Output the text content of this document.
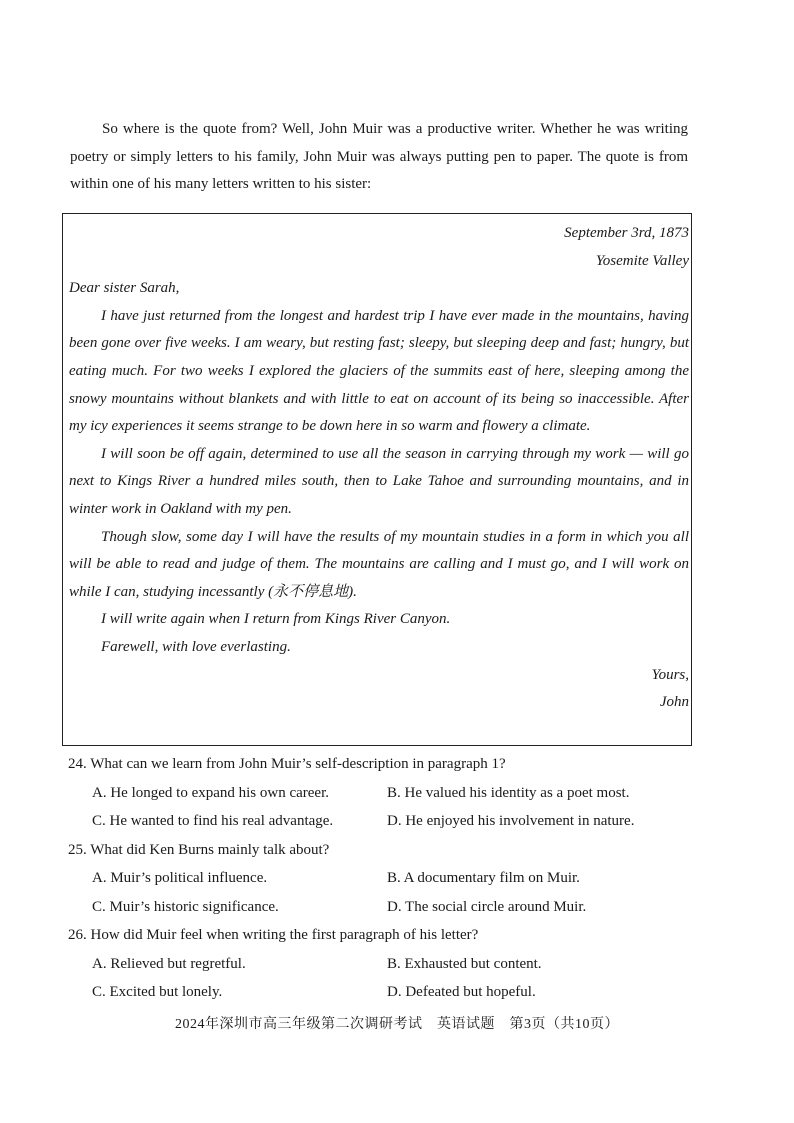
So where is the quote from? Well, John Muir was a productive writer. Whether he was writing poetry or simply letters to his family, John Muir was always putting pen to paper. The quote is from within one of his many letters written to his sister:

September 3rd, 1873
Yosemite Valley
Dear sister Sarah,

I have just returned from the longest and hardest trip I have ever made in the mountains, having been gone over five weeks. I am weary, but resting fast; sleepy, but sleeping deep and fast; hungry, but eating much. For two weeks I explored the glaciers of the summits east of here, sleeping among the snowy mountains without blankets and with little to eat on account of its being so inaccessible. After my icy experiences it seems strange to be down here in so warm and flowery a climate.

I will soon be off again, determined to use all the season in carrying through my work — will go next to Kings River a hundred miles south, then to Lake Tahoe and surrounding mountains, and in winter work in Oakland with my pen.

Though slow, some day I will have the results of my mountain studies in a form in which you all will be able to read and judge of them. The mountains are calling and I must go, and I will work on while I can, studying incessantly (永不停息地).

I will write again when I return from Kings River Canyon.

Farewell, with love everlasting.

Yours,
John
24. What can we learn from John Muir’s self-description in paragraph 1?
A. He longed to expand his own career.	B. He valued his identity as a poet most.
C. He wanted to find his real advantage.	D. He enjoyed his involvement in nature.
25. What did Ken Burns mainly talk about?
A. Muir’s political influence.	B. A documentary film on Muir.
C. Muir’s historic significance.	D. The social circle around Muir.
26. How did Muir feel when writing the first paragraph of his letter?
A. Relieved but regretful.	B. Exhausted but content.
C. Excited but lonely.	D. Defeated but hopeful.
2024年深圳市高三年级第二次调研考试　英语试题　第3页（共10页）
